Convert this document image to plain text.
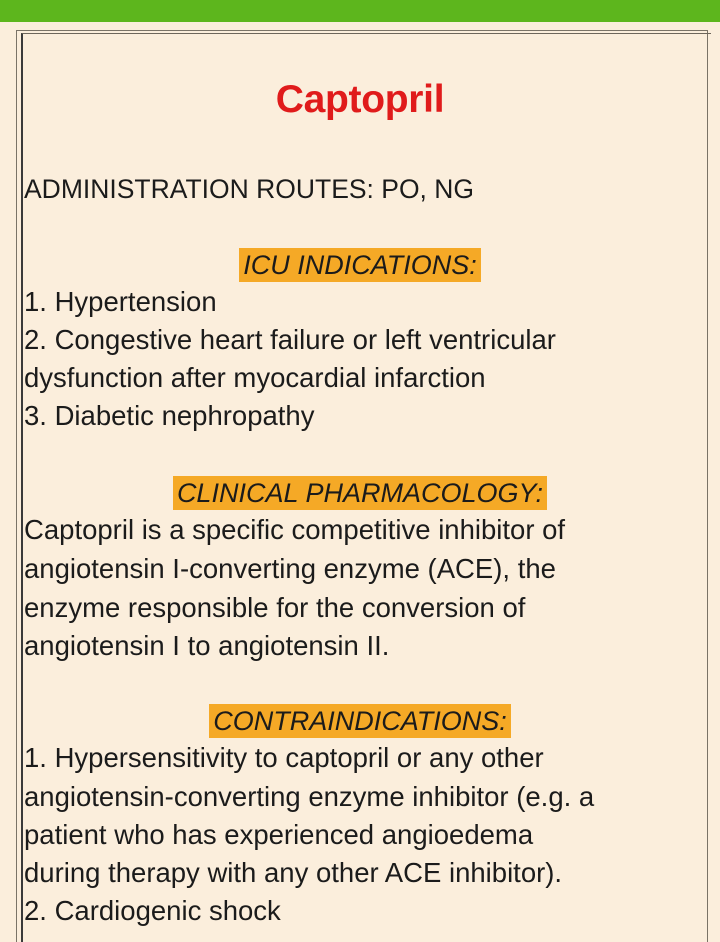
Captopril
ADMINISTRATION ROUTES: PO, NG
ICU INDICATIONS:
1. Hypertension
2. Congestive heart failure or left ventricular
dysfunction after myocardial infarction
3. Diabetic nephropathy
CLINICAL PHARMACOLOGY:
Captopril is a specific competitive inhibitor of
angiotensin I-converting enzyme (ACE), the
enzyme responsible for the conversion of
angiotensin I to angiotensin II.
CONTRAINDICATIONS:
1. Hypersensitivity to captopril or any other
angiotensin-converting enzyme inhibitor (e.g. a
patient who has experienced angioedema
during therapy with any other ACE inhibitor).
2. Cardiogenic shock
